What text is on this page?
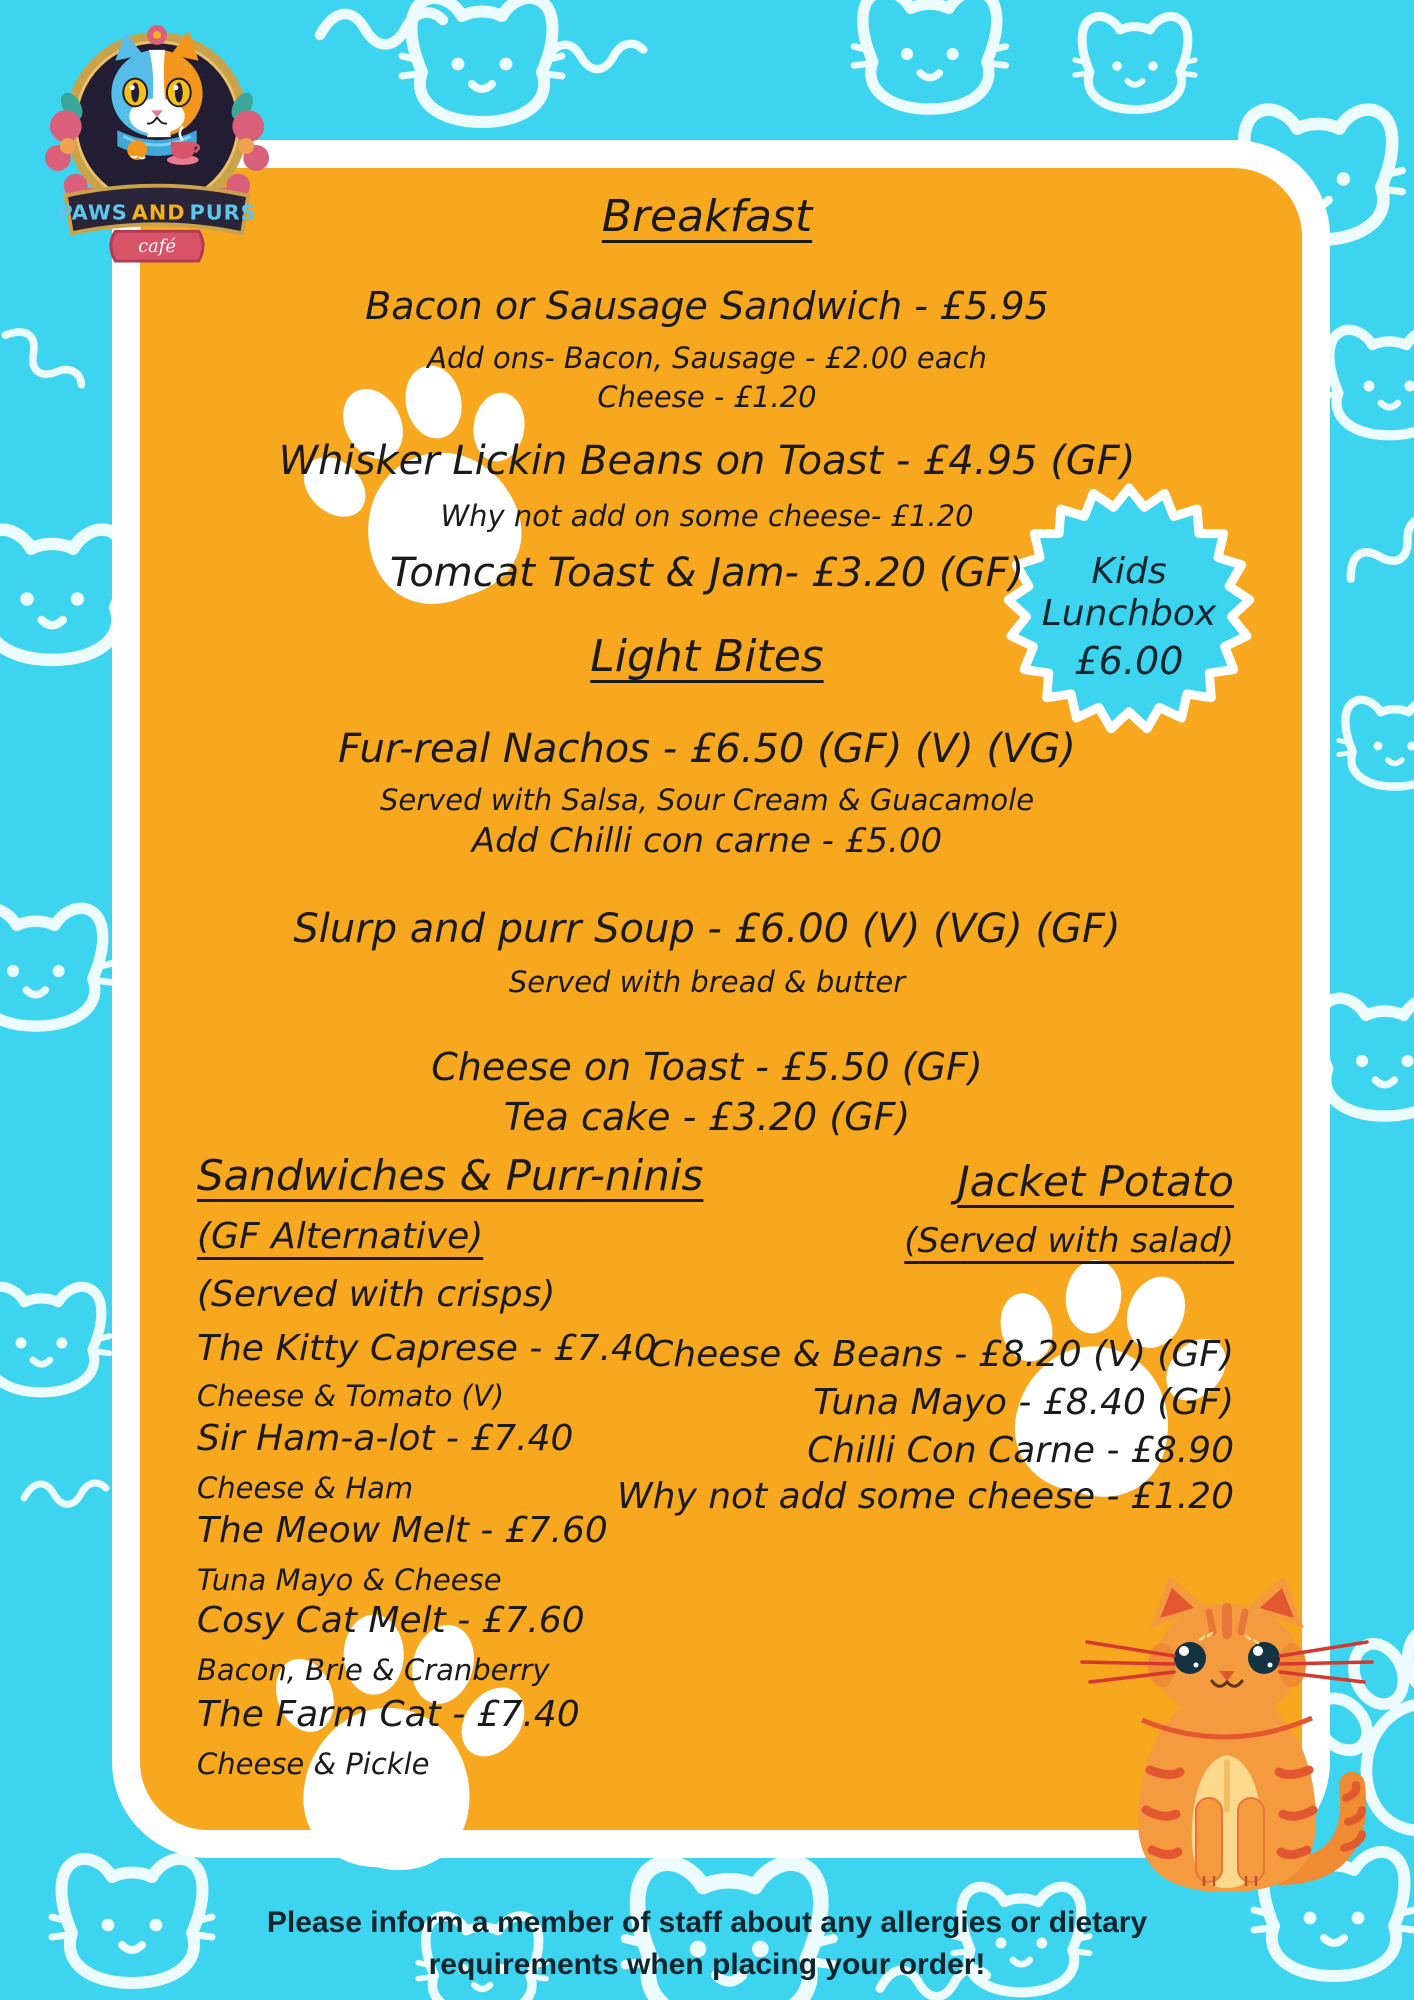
PAWS AND PURS
café
Kids
Lunchbox
£6.00
Breakfast
Bacon or Sausage Sandwich - £5.95
Add ons- Bacon, Sausage - £2.00 each
Cheese - £1.20
Whisker Lickin Beans on Toast - £4.95 (GF)
Why not add on some cheese- £1.20
Tomcat Toast & Jam- £3.20 (GF)
Light Bites
Fur-real Nachos - £6.50 (GF) (V) (VG)
Served with Salsa, Sour Cream & Guacamole
Add Chilli con carne - £5.00
Slurp and purr Soup - £6.00 (V) (VG) (GF)
Served with bread & butter
Cheese on Toast - £5.50 (GF)
Tea cake - £3.20 (GF)
Sandwiches & Purr-ninis
(GF Alternative)
(Served with crisps)
The Kitty Caprese - £7.40
Cheese & Tomato (V)
Sir Ham-a-lot - £7.40
Cheese & Ham
The Meow Melt - £7.60
Tuna Mayo & Cheese
Cosy Cat Melt - £7.60
Bacon, Brie & Cranberry
The Farm Cat - £7.40
Cheese & Pickle
Jacket Potato
(Served with salad)
Cheese & Beans - £8.20 (V) (GF)
Tuna Mayo - £8.40 (GF)
Chilli Con Carne - £8.90
Why not add some cheese - £1.20
Please inform a member of staff about any allergies or dietary
requirements when placing your order!
